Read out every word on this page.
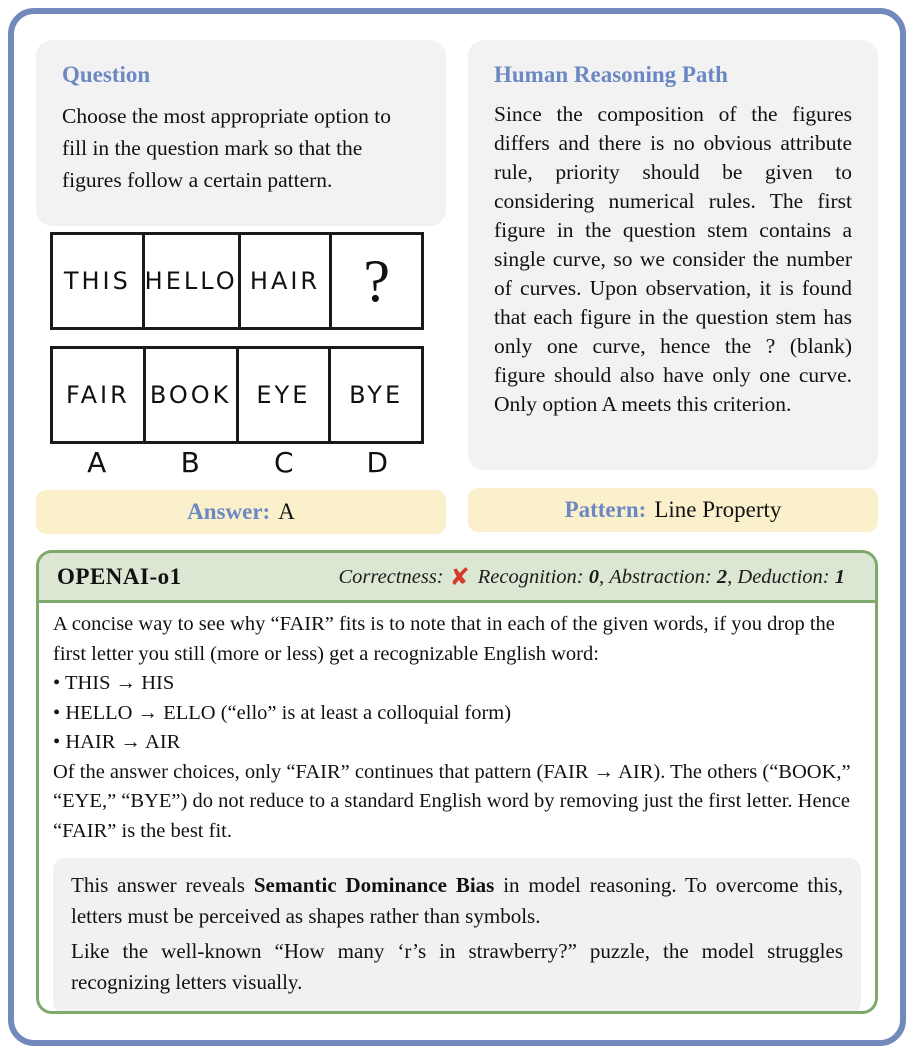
Question

Choose the most appropriate option to fill in the question mark so that the figures follow a certain pattern.

THIS HELLO HAIR ?
FAIR BOOK	EYE	BYE
A	B	C	D
Answer: A
Human Reasoning Path

Since the composition of the figures differs and there is no obvious attribute rule, priority should be given to considering numerical rules. The first figure in the question stem contains a single curve, so we consider the number of curves. Upon observation, it is found that each figure in the question stem has only one curve, hence the ? (blank) figure should also have only one curve. Only option A meets this criterion.

Pattern: Line Property
OPENAI-o1	Correctness: ✘ Recognition: 0, Abstraction: 2, Deduction: 1

A concise way to see why “FAIR” fits is to note that in each of the given words, if you drop the first letter you still (more or less) get a recognizable English word:

• THIS → HIS
• HELLO → ELLO (“ello” is at least a colloquial form)
• HAIR → AIR

Of the answer choices, only “FAIR” continues that pattern (FAIR → AIR). The others (“BOOK,” “EYE,” “BYE”) do not reduce to a standard English word by removing just the first letter. Hence “FAIR” is the best fit.

This answer reveals Semantic Dominance Bias in model reasoning. To overcome this, letters must be perceived as shapes rather than symbols.

Like the well-known “How many ‘r’s in strawberry?” puzzle, the model struggles recognizing letters visually.
